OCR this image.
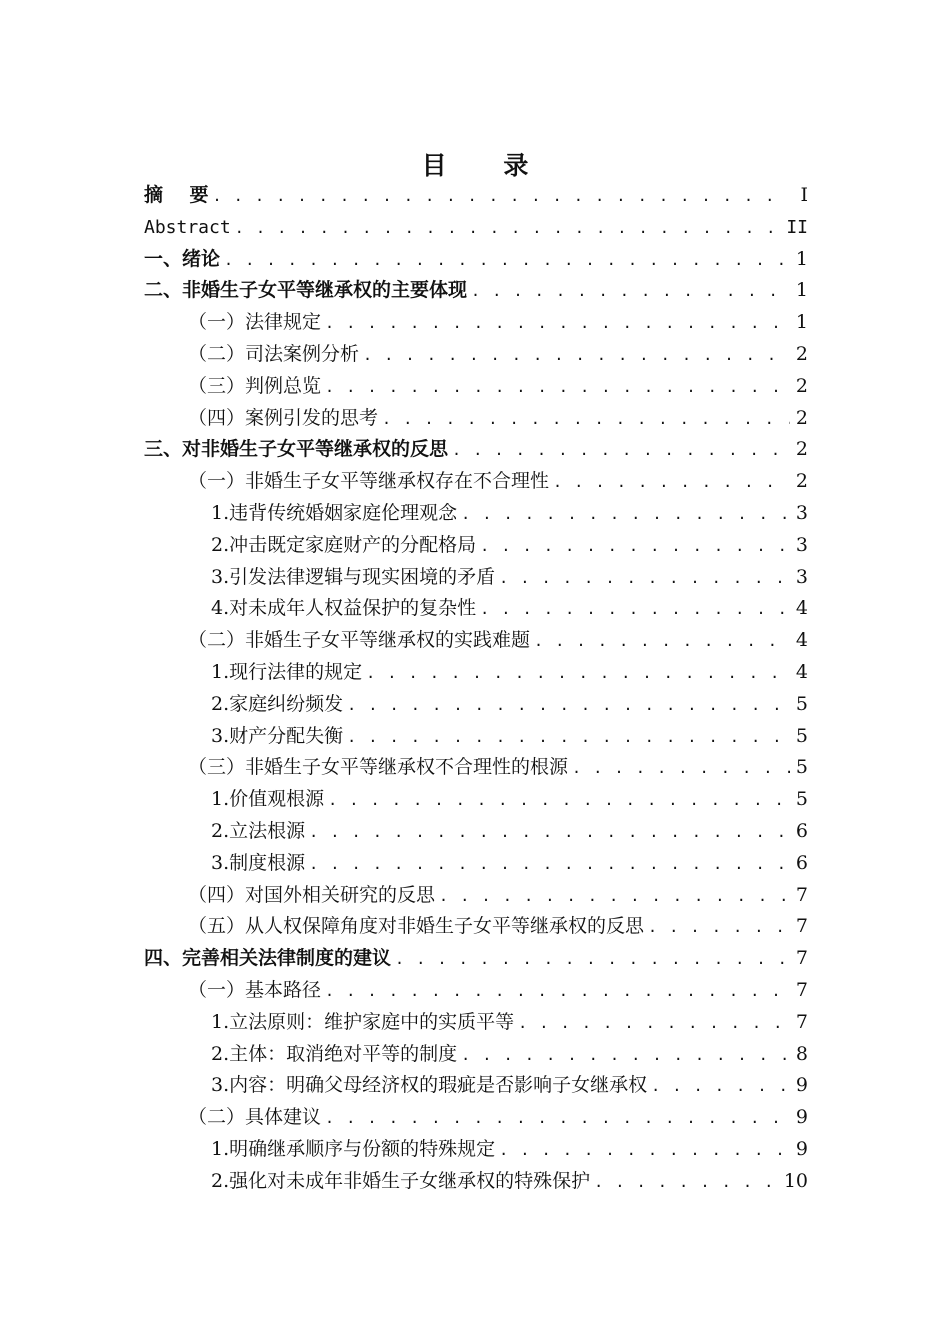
目 录
摘    要 . . .	I
Abstract . . .	II
一、绪论 . . .	1
二、非婚生子女平等继承权的主要体现 . . .	1
（一） 法律规定 . . .	1
（二） 司法案例分析 . . .	2
（三） 判例总览 . . .	2
（四） 案例引发的思考 . . .	2
三、对非婚生子女平等继承权的反思 . . .	2
（一） 非婚生子女平等继承权存在不合理性 . . .	2
1.违背传统婚姻家庭伦理观念 . . .	3
2.冲击既定家庭财产的分配格局 . . .	3
3.引发法律逻辑与现实困境的矛盾 . . .	3
4.对未成年人权益保护的复杂性 . . .	4
（二） 非婚生子女平等继承权的实践难题 . . .	4
1.现行法律的规定 . . .	4
2.家庭纠纷频发 . . .	5
3.财产分配失衡 . . .	5
（三） 非婚生子女平等继承权不合理性的根源 . . .	5
1.价值观根源 . . .	5
2.立法根源 . . .	6
3.制度根源 . . .	6
（四） 对国外相关研究的反思 . . .	7
（五） 从人权保障角度对非婚生子女平等继承权的反思 . . .	7
四、完善相关法律制度的建议 . . .	7
（一） 基本路径 . . .	7
1.立法原则：维护家庭中的实质平等 . . .	7
2.主体：取消绝对平等的制度 . . .	8
3.内容：明确父母经济权的瑕疵是否影响子女继承权 . . .	9
（二） 具体建议 . . .	9
1.明确继承顺序与份额的特殊规定 . . .	9
2.强化对未成年非婚生子女继承权的特殊保护 . . .	10
